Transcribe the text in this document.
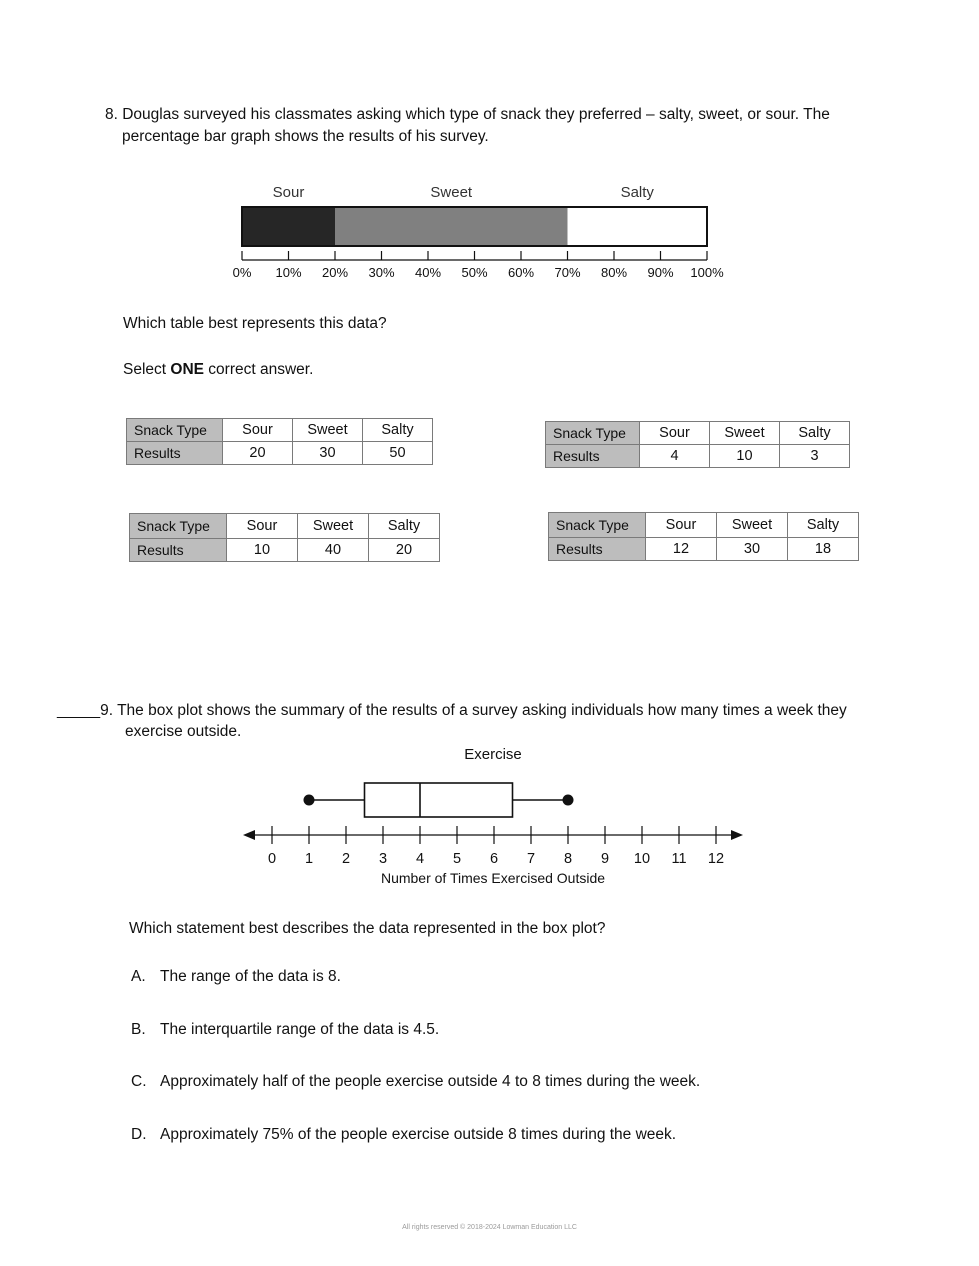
8. Douglas surveyed his classmates asking which type of snack they preferred – salty, sweet, or sour. The
percentage bar graph shows the results of his survey.
Sour	Sweet	Salty
0% 10% 20% 30% 40% 50% 60% 70% 80% 90% 100%
Which table best represents this data?
Select ONE correct answer.
Snack Type	Sour	Sweet	Salty
Results	20	30	50
Snack Type	Sour	Sweet	Salty
Results	4	10	3
Snack Type	Sour	Sweet	Salty
Results	10	40	20
Snack Type	Sour	Sweet	Salty
Results	12	30	18
_____9. The box plot shows the summary of the results of a survey asking individuals how many times a week they
exercise outside.
Exercise
0 1 2 3 4 5 6 7 8 9 10 11 12
Number of Times Exercised Outside
Which statement best describes the data represented in the box plot?
A. The range of the data is 8.
B. The interquartile range of the data is 4.5.
C. Approximately half of the people exercise outside 4 to 8 times during the week.
D. Approximately 75% of the people exercise outside 8 times during the week.
All rights reserved © 2018-2024 Lowman Education LLC
